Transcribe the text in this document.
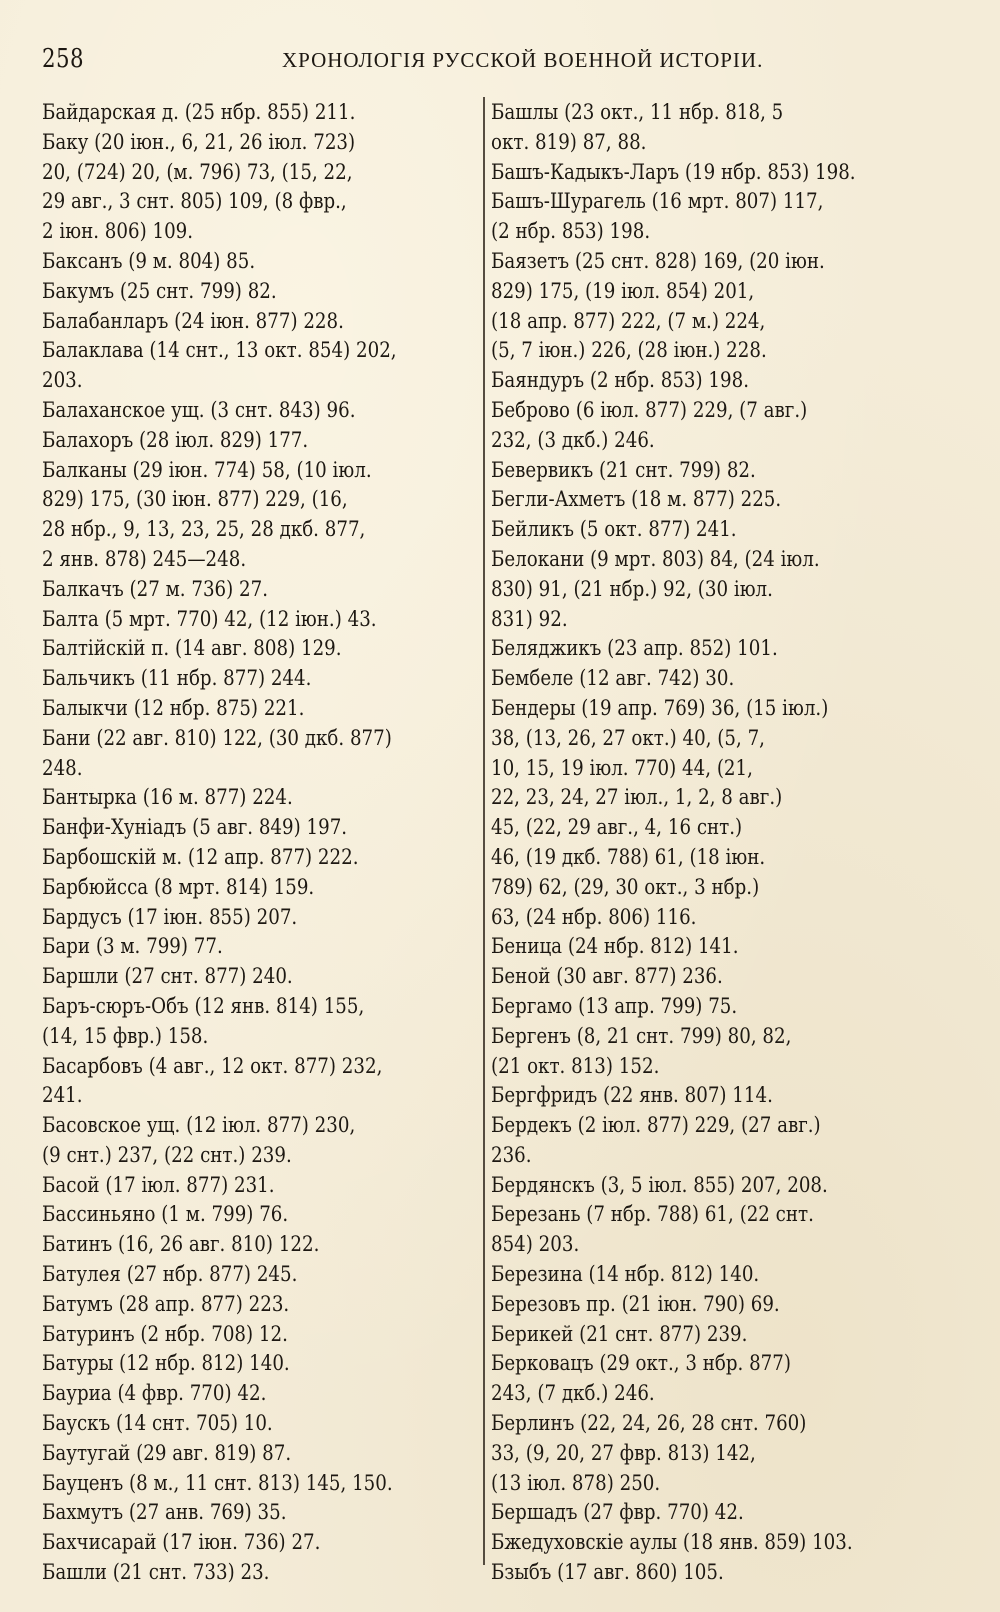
258	ХРОНОЛОГІЯ РУССКОЙ ВОЕННОЙ ИСТОРІИ.
Байдарская д. (25 нбр. 855) 211.
Баку (20 іюн., 6, 21, 26 іюл. 723)
20, (724) 20, (м. 796) 73, (15, 22,
29 авг., 3 снт. 805) 109, (8 фвр.,
2 іюн. 806) 109.
Баксанъ (9 м. 804) 85.
Бакумъ (25 снт. 799) 82.
Балабанларъ (24 іюн. 877) 228.
Балаклава (14 снт., 13 окт. 854) 202,
203.
Балаханское ущ. (3 снт. 843) 96.
Балахоръ (28 іюл. 829) 177.
Балканы (29 іюн. 774) 58, (10 іюл.
829) 175, (30 іюн. 877) 229, (16,
28 нбр., 9, 13, 23, 25, 28 дкб. 877,
2 янв. 878) 245—248.
Балкачъ (27 м. 736) 27.
Балта (5 мрт. 770) 42, (12 іюн.) 43.
Балтійскій п. (14 авг. 808) 129.
Бальчикъ (11 нбр. 877) 244.
Балыкчи (12 нбр. 875) 221.
Бани (22 авг. 810) 122, (30 дкб. 877)
248.
Бантырка (16 м. 877) 224.
Банфи-Хуніадъ (5 авг. 849) 197.
Барбошскій м. (12 апр. 877) 222.
Барбюйсса (8 мрт. 814) 159.
Бардусъ (17 іюн. 855) 207.
Бари (3 м. 799) 77.
Баршли (27 снт. 877) 240.
Баръ-сюръ-Объ (12 янв. 814) 155,
(14, 15 фвр.) 158.
Басарбовъ (4 авг., 12 окт. 877) 232,
241.
Басовское ущ. (12 іюл. 877) 230,
(9 снт.) 237, (22 снт.) 239.
Басой (17 іюл. 877) 231.
Бассиньяно (1 м. 799) 76.
Батинъ (16, 26 авг. 810) 122.
Батулея (27 нбр. 877) 245.
Батумъ (28 апр. 877) 223.
Батуринъ (2 нбр. 708) 12.
Батуры (12 нбр. 812) 140.
Бауриа (4 фвр. 770) 42.
Баускъ (14 снт. 705) 10.
Баутугай (29 авг. 819) 87.
Бауценъ (8 м., 11 снт. 813) 145, 150.
Бахмутъ (27 анв. 769) 35.
Бахчисарай (17 іюн. 736) 27.
Башли (21 снт. 733) 23.
Башлы (23 окт., 11 нбр. 818, 5
окт. 819) 87, 88.
Башъ-Кадыкъ-Ларъ (19 нбр. 853) 198.
Башъ-Шурагель (16 мрт. 807) 117,
(2 нбр. 853) 198.
Баязетъ (25 снт. 828) 169, (20 іюн.
829) 175, (19 іюл. 854) 201,
(18 апр. 877) 222, (7 м.) 224,
(5, 7 іюн.) 226, (28 іюн.) 228.
Баяндуръ (2 нбр. 853) 198.
Беброво (6 іюл. 877) 229, (7 авг.)
232, (3 дкб.) 246.
Бевервикъ (21 снт. 799) 82.
Бегли-Ахметъ (18 м. 877) 225.
Бейликъ (5 окт. 877) 241.
Белокани (9 мрт. 803) 84, (24 іюл.
830) 91, (21 нбр.) 92, (30 іюл.
831) 92.
Беляджикъ (23 апр. 852) 101.
Бембеле (12 авг. 742) 30.
Бендеры (19 апр. 769) 36, (15 іюл.)
38, (13, 26, 27 окт.) 40, (5, 7,
10, 15, 19 іюл. 770) 44, (21,
22, 23, 24, 27 іюл., 1, 2, 8 авг.)
45, (22, 29 авг., 4, 16 снт.)
46, (19 дкб. 788) 61, (18 іюн.
789) 62, (29, 30 окт., 3 нбр.)
63, (24 нбр. 806) 116.
Беница (24 нбр. 812) 141.
Беной (30 авг. 877) 236.
Бергамо (13 апр. 799) 75.
Бергенъ (8, 21 снт. 799) 80, 82,
(21 окт. 813) 152.
Бергфридъ (22 янв. 807) 114.
Бердекъ (2 іюл. 877) 229, (27 авг.)
236.
Бердянскъ (3, 5 іюл. 855) 207, 208.
Березань (7 нбр. 788) 61, (22 снт.
854) 203.
Березина (14 нбр. 812) 140.
Березовъ пр. (21 іюн. 790) 69.
Берикей (21 снт. 877) 239.
Берковацъ (29 окт., 3 нбр. 877)
243, (7 дкб.) 246.
Берлинъ (22, 24, 26, 28 снт. 760)
33, (9, 20, 27 фвр. 813) 142,
(13 іюл. 878) 250.
Бершадъ (27 фвр. 770) 42.
Бжедуховскіе аулы (18 янв. 859) 103.
Бзыбъ (17 авг. 860) 105.
